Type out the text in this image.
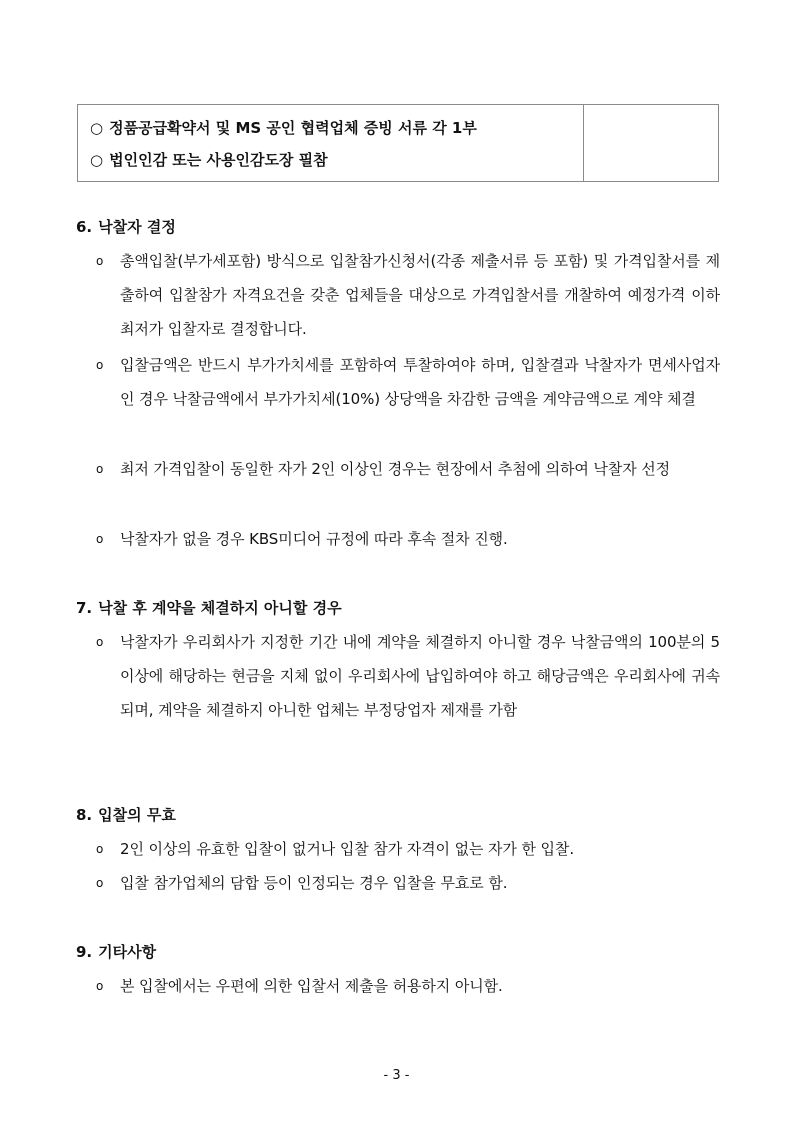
○ 정품공급확약서 및 MS 공인 협력업체 증빙 서류 각 1부
○ 법인인감 또는 사용인감도장 필참
6. 낙찰자 결정
o 총액입찰(부가세포함) 방식으로 입찰참가신청서(각종 제출서류 등 포함) 및 가격입찰서를 제출하여 입찰참가 자격요건을 갖춘 업체들을 대상으로 가격입찰서를 개찰하여 예정가격 이하 최저가 입찰자로 결정합니다.
o 입찰금액은 반드시 부가가치세를 포함하여 투찰하여야 하며, 입찰결과 낙찰자가 면세사업자인 경우 낙찰금액에서 부가가치세(10%) 상당액을 차감한 금액을 계약금액으로 계약 체결
o 최저 가격입찰이 동일한 자가 2인 이상인 경우는 현장에서 추첨에 의하여 낙찰자 선정
o 낙찰자가 없을 경우 KBS미디어 규정에 따라 후속 절차 진행.
7. 낙찰 후 계약을 체결하지 아니할 경우
o 낙찰자가 우리회사가 지정한 기간 내에 계약을 체결하지 아니할 경우 낙찰금액의 100분의 5 이상에 해당하는 현금을 지체 없이 우리회사에 납입하여야 하고 해당금액은 우리회사에 귀속되며, 계약을 체결하지 아니한 업체는 부정당업자 제재를 가함
8. 입찰의 무효
o 2인 이상의 유효한 입찰이 없거나 입찰 참가 자격이 없는 자가 한 입찰.
o 입찰 참가업체의 담합 등이 인정되는 경우 입찰을 무효로 함.
9. 기타사항
o 본 입찰에서는 우편에 의한 입찰서 제출을 허용하지 아니함.
- 3 -
